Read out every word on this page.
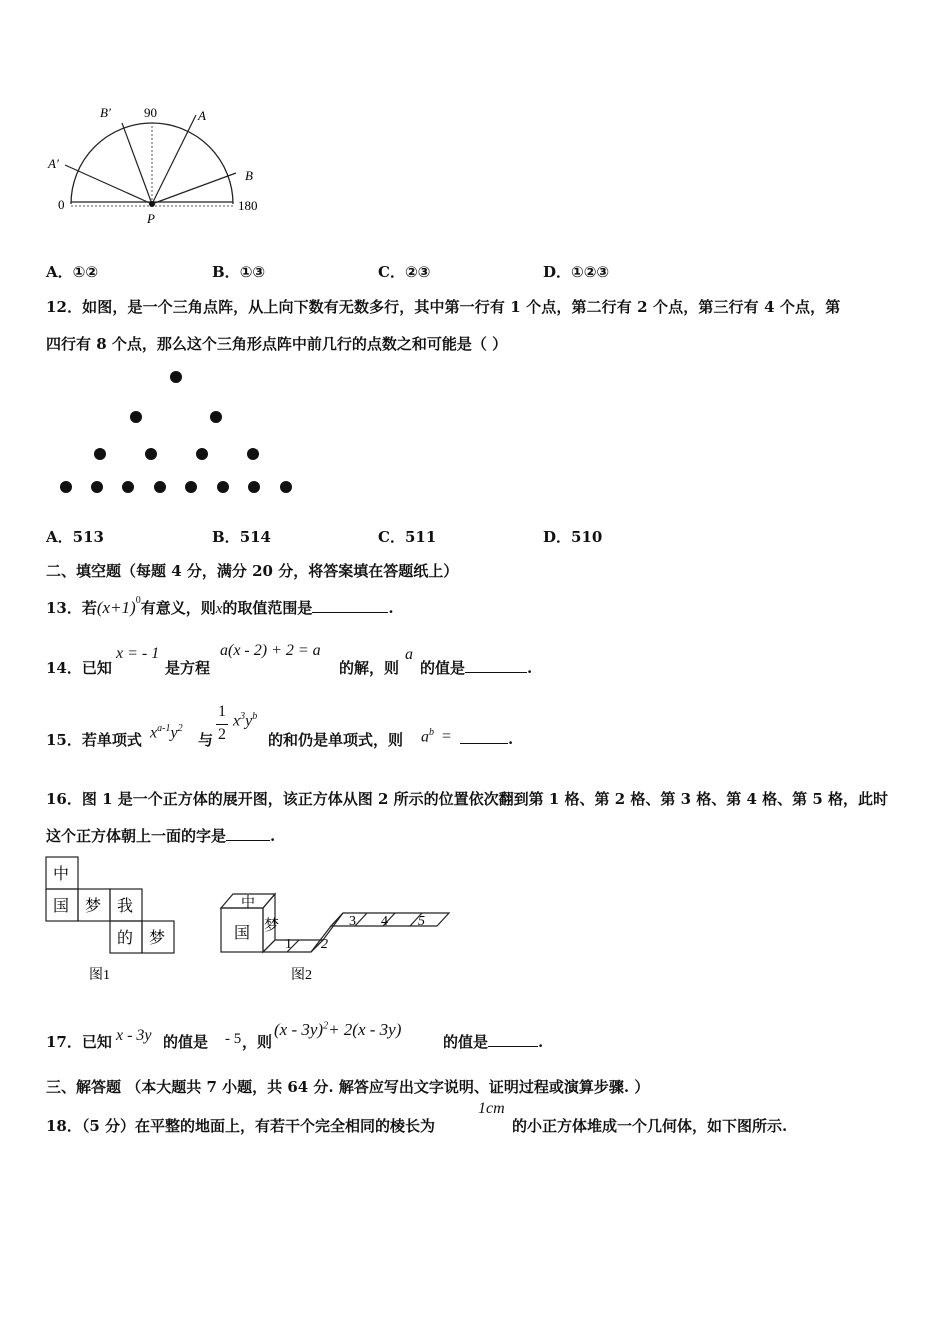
90
B′	A
A′
B
0	180
P
A．①②	B．①③	C．②③	D．①②③
12．如图，是一个三角点阵，从上向下数有无数多行，其中第一行有 1 个点，第二行有 2 个点，第三行有 4 个点，第
四行有 8 个点，那么这个三角形点阵中前几行的点数之和可能是（ ）
A．513	B．514	C．511	D．510
二、填空题（每题 4 分，满分 20 分，将答案填在答题纸上）
13．若$(x+1)^0$有意义，则x的取值范围是	.
14．已知
x = - 1
是方程
a(x - 2) + 2 = a
的解，则
a
的值是	.
15．若单项式 $x^{a-1}y^2$
与
1
2
$x^3y^b$
的和仍是单项式，则 $a^b$ =	.
16．图 1 是一个正方体的展开图，该正方体从图 2 所示的位置依次翻到第 1 格、第 2 格、第 3 格、第 4 格、第 5 格，此时
这个正方体朝上一面的字是	.
中
国 梦 我
的 梦
图1
中
国 梦
1 2
3 4 5
图2
17．已知 x - 3y 的值是 - 5 ，则
(x - 3y)$^2$+ 2(x - 3y)
的值是	.
三、解答题 （本大题共 7 小题，共 64 分. 解答应写出文字说明、证明过程或演算步骤. ）
18．（5 分）在平整的地面上，有若干个完全相同的棱长为
1cm
的小正方体堆成一个几何体，如下图所示.
